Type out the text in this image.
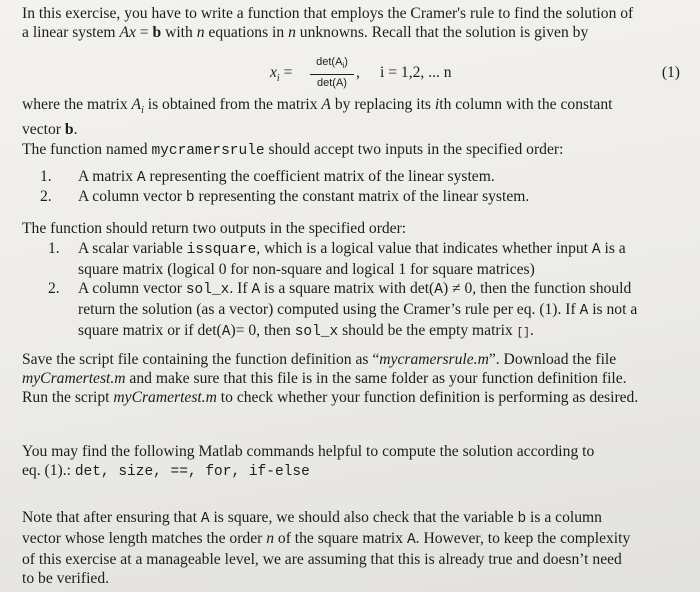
In this exercise, you have to write a function that employs the Cramer's rule to find the solution of
a linear system Ax = b with n equations in n unknowns. Recall that the solution is given by

$x_i$ =
$\det(A_i)$
det(A)
, i = 1,2, ... n	(1)

where the matrix $A_i$ is obtained from the matrix A by replacing its ith column with the constant
vector b.

The function named mycramersrule should accept two inputs in the specified order:

1. A matrix A representing the coefficient matrix of the linear system.
2. A column vector b representing the constant matrix of the linear system.

The function should return two outputs in the specified order:

1. A scalar variable issquare, which is a logical value that indicates whether input A is a
square matrix (logical 0 for non-square and logical 1 for square matrices)
2. A column vector sol_x. If A is a square matrix with det(A) ≠ 0, then the function should
return the solution (as a vector) computed using the Cramer’s rule per eq. (1). If A is not a
square matrix or if det(A)= 0, then sol_x should be the empty matrix [].

Save the script file containing the function definition as “mycramersrule.m”. Download the file
myCramertest.m and make sure that this file is in the same folder as your function definition file.
Run the script myCramertest.m to check whether your function definition is performing as desired.

You may find the following Matlab commands helpful to compute the solution according to
eq. (1).: det, size, ==, for, if-else

Note that after ensuring that A is square, we should also check that the variable b is a column
vector whose length matches the order n of the square matrix A. However, to keep the complexity
of this exercise at a manageable level, we are assuming that this is already true and doesn’t need
to be verified.
